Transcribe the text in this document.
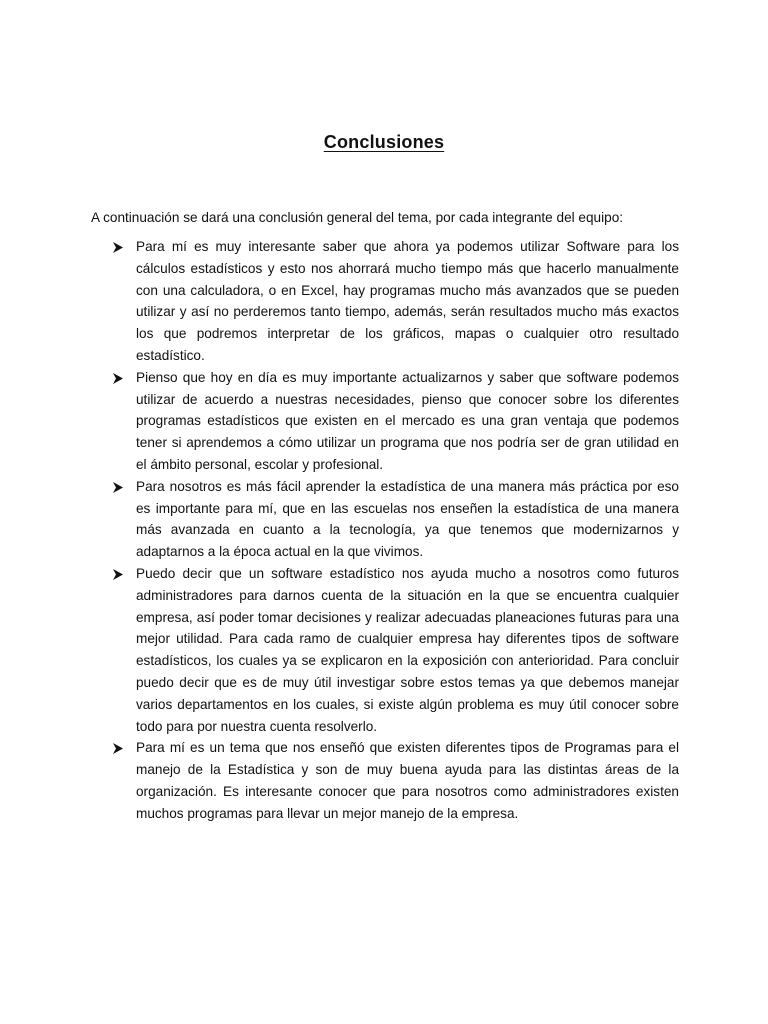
Conclusiones
A continuación se dará una conclusión general del tema, por cada integrante del equipo:
Para mí es muy interesante saber que ahora ya podemos utilizar Software para los cálculos estadísticos y esto nos ahorrará mucho tiempo más que hacerlo manualmente con una calculadora, o en Excel, hay programas mucho más avanzados que se pueden utilizar y así no perderemos tanto tiempo, además, serán resultados mucho más exactos los que podremos interpretar de los gráficos, mapas o cualquier otro resultado estadístico.
Pienso que hoy en día es muy importante actualizarnos y saber que software podemos utilizar de acuerdo a nuestras necesidades, pienso que conocer sobre los diferentes programas estadísticos que existen en el mercado es una gran ventaja que podemos tener si aprendemos a cómo utilizar un programa que nos podría ser de gran utilidad en el ámbito personal, escolar y profesional.
Para nosotros es más fácil aprender la estadística de una manera más práctica por eso es importante para mí, que en las escuelas nos enseñen la estadística de una manera más avanzada en cuanto a la tecnología, ya que tenemos que modernizarnos y adaptarnos a la época actual en la que vivimos.
Puedo decir que un software estadístico nos ayuda mucho a nosotros como futuros administradores para darnos cuenta de la situación en la que se encuentra cualquier empresa, así poder tomar decisiones y realizar adecuadas planeaciones futuras para una mejor utilidad. Para cada ramo de cualquier empresa hay diferentes tipos de software estadísticos, los cuales ya se explicaron en la exposición con anterioridad. Para concluir puedo decir que es de muy útil investigar sobre estos temas ya que debemos manejar varios departamentos en los cuales, si existe algún problema es muy útil conocer sobre todo para por nuestra cuenta resolverlo.
Para mí es un tema que nos enseñó que existen diferentes tipos de Programas para el manejo de la Estadística y son de muy buena ayuda para las distintas áreas de la organización. Es interesante conocer que para nosotros como administradores existen muchos programas para llevar un mejor manejo de la empresa.
